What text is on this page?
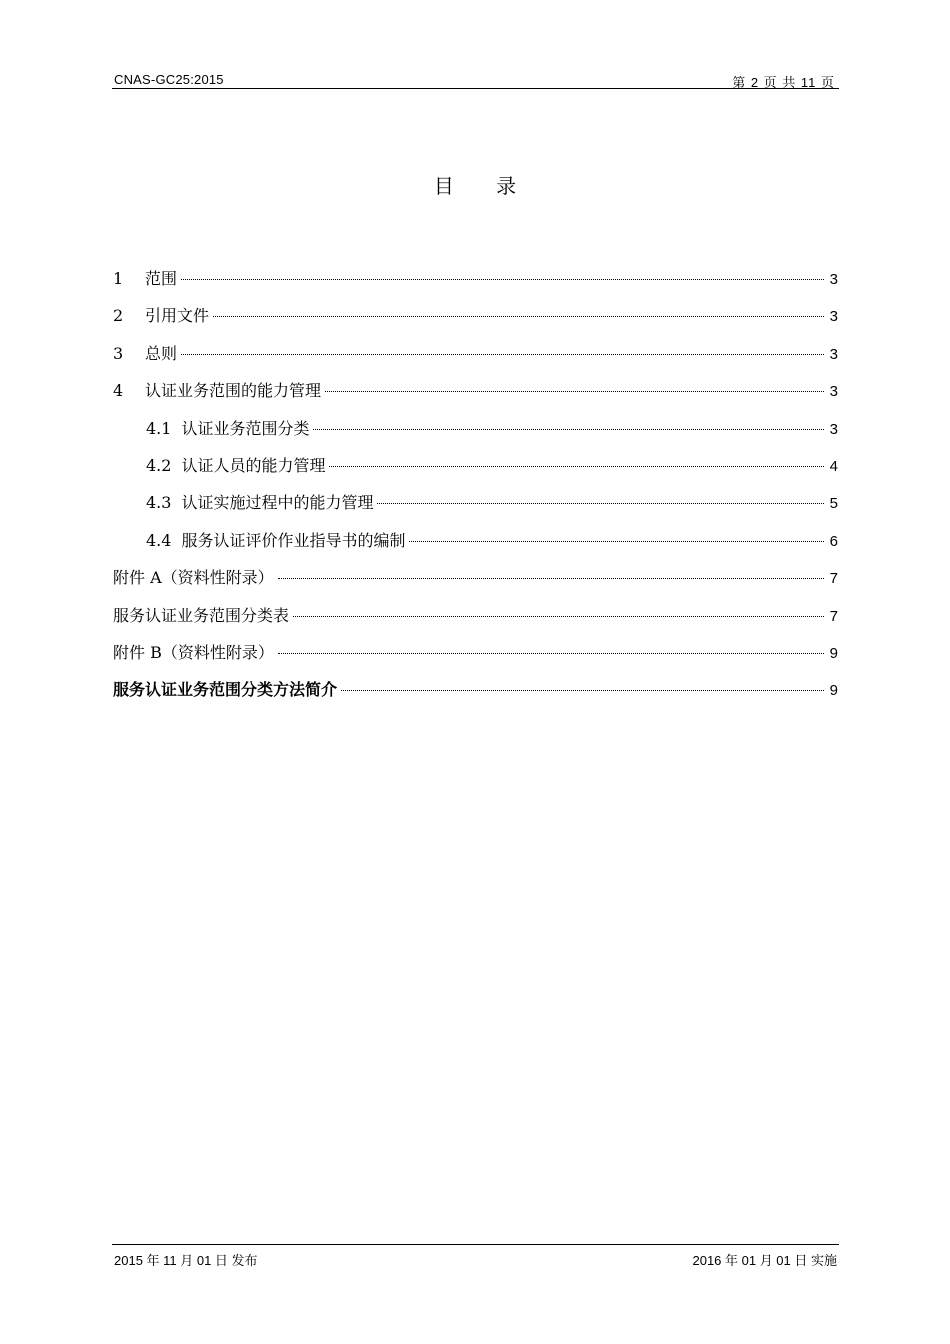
CNAS-GC25:2015	第 2 页 共 11 页
目 录
1	范围	3
2	引用文件	3
3	总则	3
4	认证业务范围的能力管理	3
4.1 认证业务范围分类	3
4.2 认证人员的能力管理	4
4.3 认证实施过程中的能力管理	5
4.4 服务认证评价作业指导书的编制	6
附件 A（资料性附录）	7
服务认证业务范围分类表	7
附件 B（资料性附录）	9
服务认证业务范围分类方法简介	9
2015 年 11 月 01 日 发布	2016 年 01 月 01 日 实施
